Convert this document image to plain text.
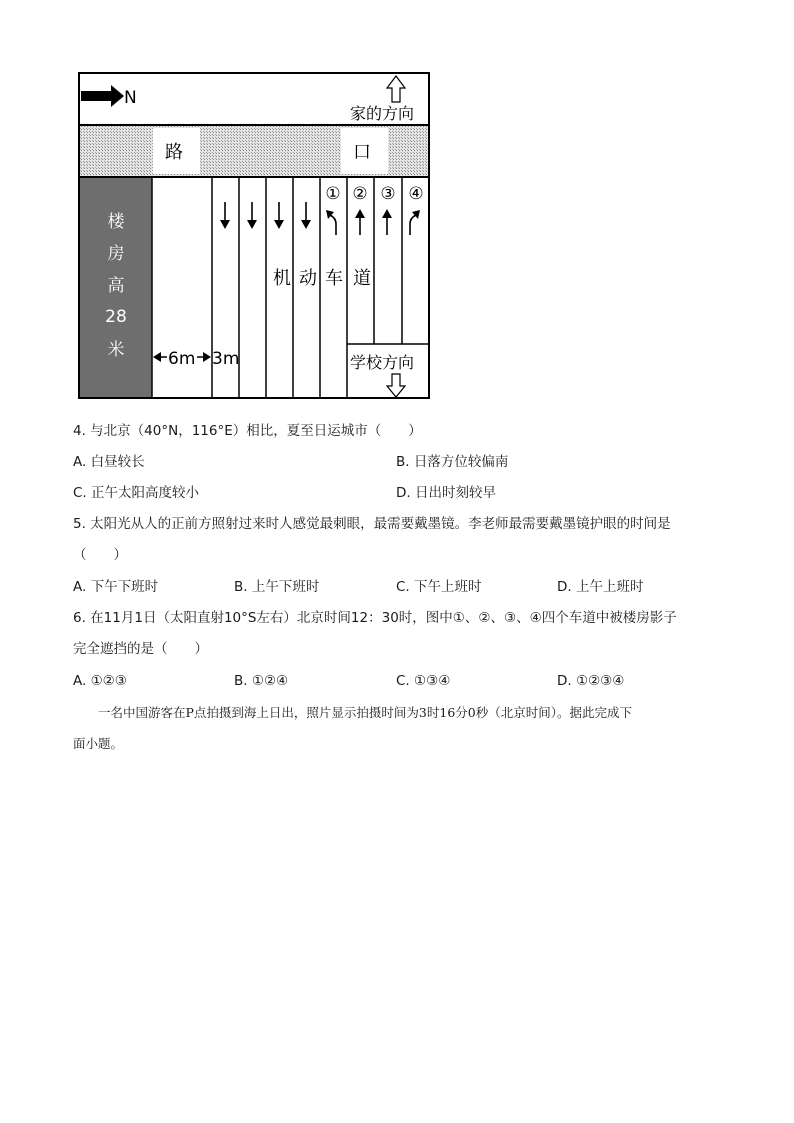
N
家的方向
路	口
楼
房
高
28
米	6m 3m
① ② ③ ④
机 动 车 道
学校方向
4. 与北京（40°N，116°E）相比，夏至日运城市（　　）
A. 白昼较长	B. 日落方位较偏南
C. 正午太阳高度较小	D. 日出时刻较早
5. 太阳光从人的正前方照射过来时人感觉最刺眼，最需要戴墨镜。李老师最需要戴墨镜护眼的时间是
（　　）
A. 下午下班时	B. 上午下班时	C. 下午上班时	D. 上午上班时
6. 在11月1日（太阳直射10°S左右）北京时间12：30时，图中①、②、③、④四个车道中被楼房影子
完全遮挡的是（　　）
A. ①②③	B. ①②④	C. ①③④	D. ①②③④
一名中国游客在P点拍摄到海上日出，照片显示拍摄时间为3时16分0秒（北京时间）。据此完成下
面小题。
